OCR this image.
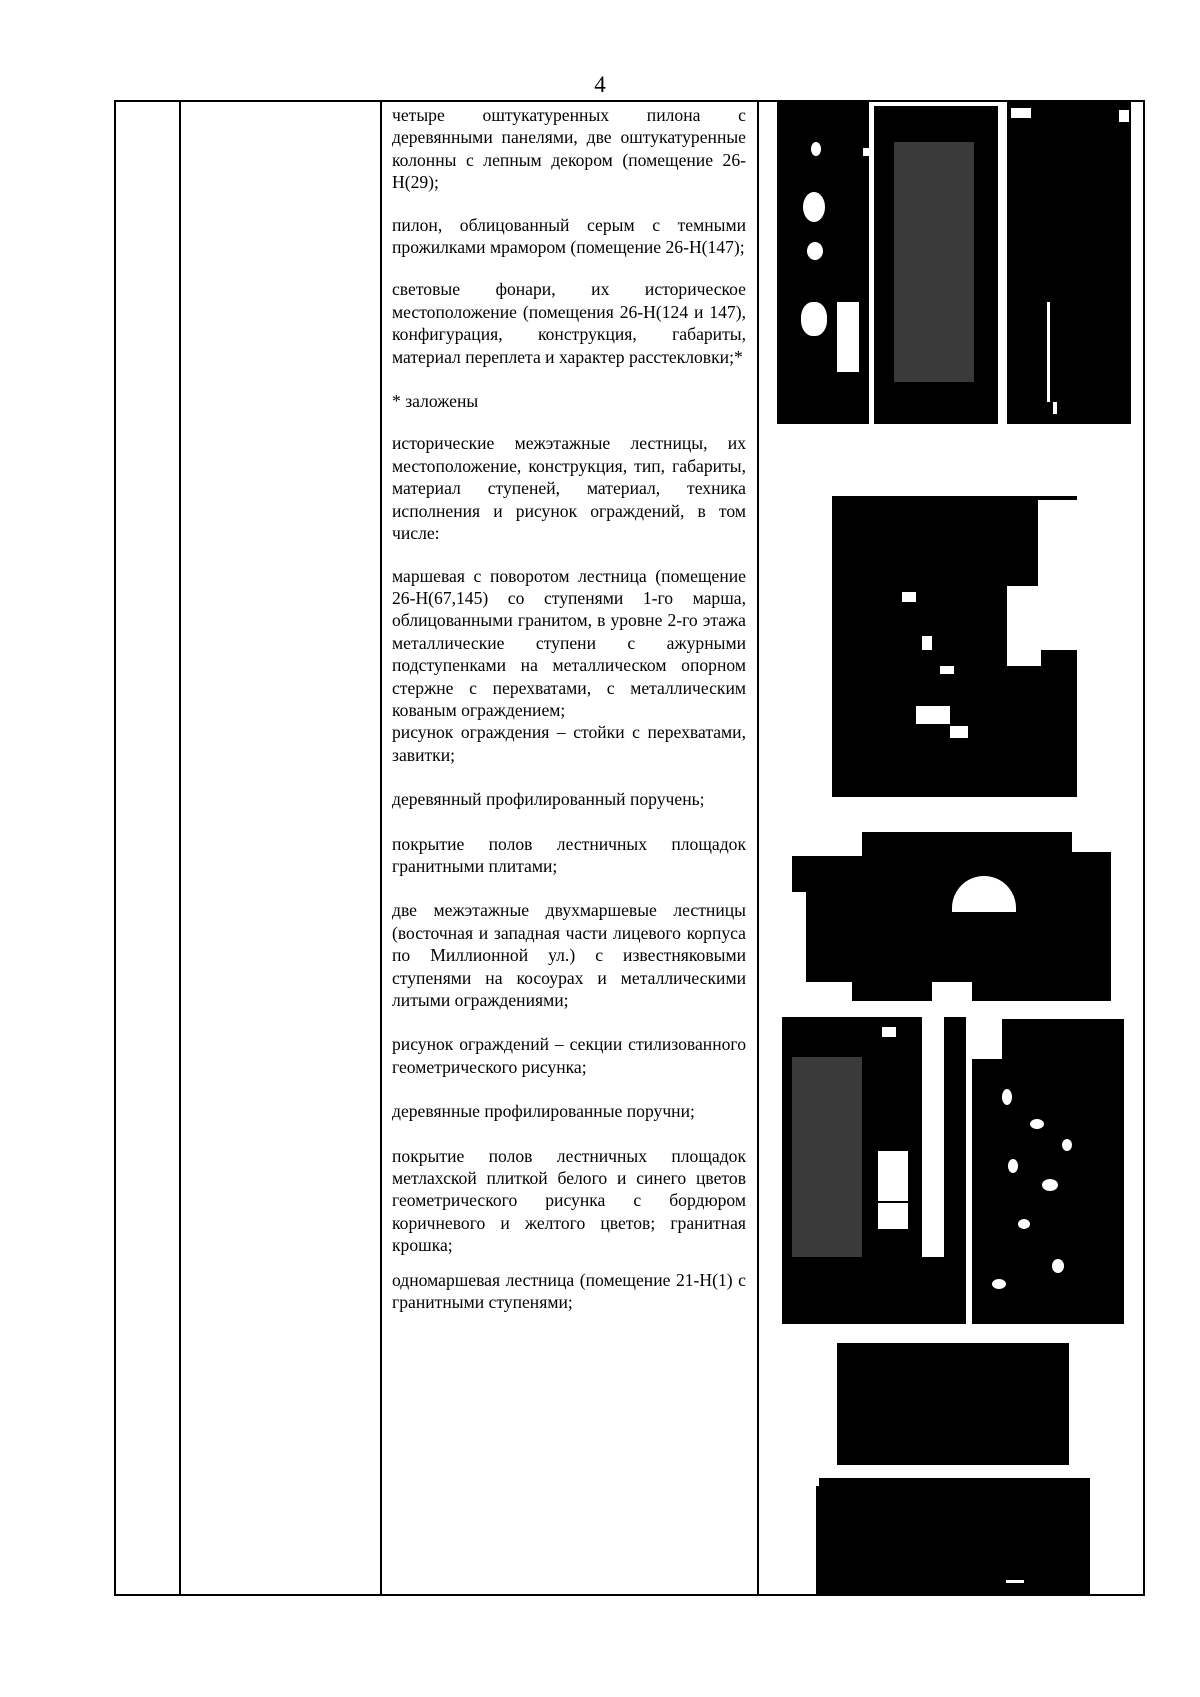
4

четыре оштукатуренных пилона с деревянными панелями, две оштукатуренные колонны с лепным декором (помещение 26-Н(29);

пилон, облицованный серым с темными прожилками мрамором (помещение 26-Н(147);

световые фонари, их историческое местоположение (помещения 26-Н(124 и 147), конфигурация, конструкция, габариты, материал переплета и характер расстекловки;*

* заложены

исторические межэтажные лестницы, их местоположение, конструкция, тип, габариты, материал ступеней, материал, техника исполнения и рисунок ограждений, в том числе:

маршевая с поворотом лестница (помещение 26-Н(67,145) со ступенями 1-го марша, облицованными гранитом, в уровне 2-го этажа металлические ступени с ажурными подступенками на металлическом опорном стержне с перехватами, с металлическим кованым ограждением;

рисунок ограждения – стойки с перехватами, завитки;

деревянный профилированный поручень;

покрытие полов лестничных площадок гранитными плитами;

две межэтажные двухмаршевые лестницы (восточная и западная части лицевого корпуса по Миллионной ул.) с известняковыми ступенями на косоурах и металлическими литыми ограждениями;

рисунок ограждений – секции стилизованного геометрического рисунка;

деревянные профилированные поручни;

покрытие полов лестничных площадок метлахской плиткой белого и синего цветов геометрического рисунка с бордюром коричневого и желтого цветов; гранитная крошка;

одномаршевая лестница (помещение 21-Н(1) с гранитными ступенями;
